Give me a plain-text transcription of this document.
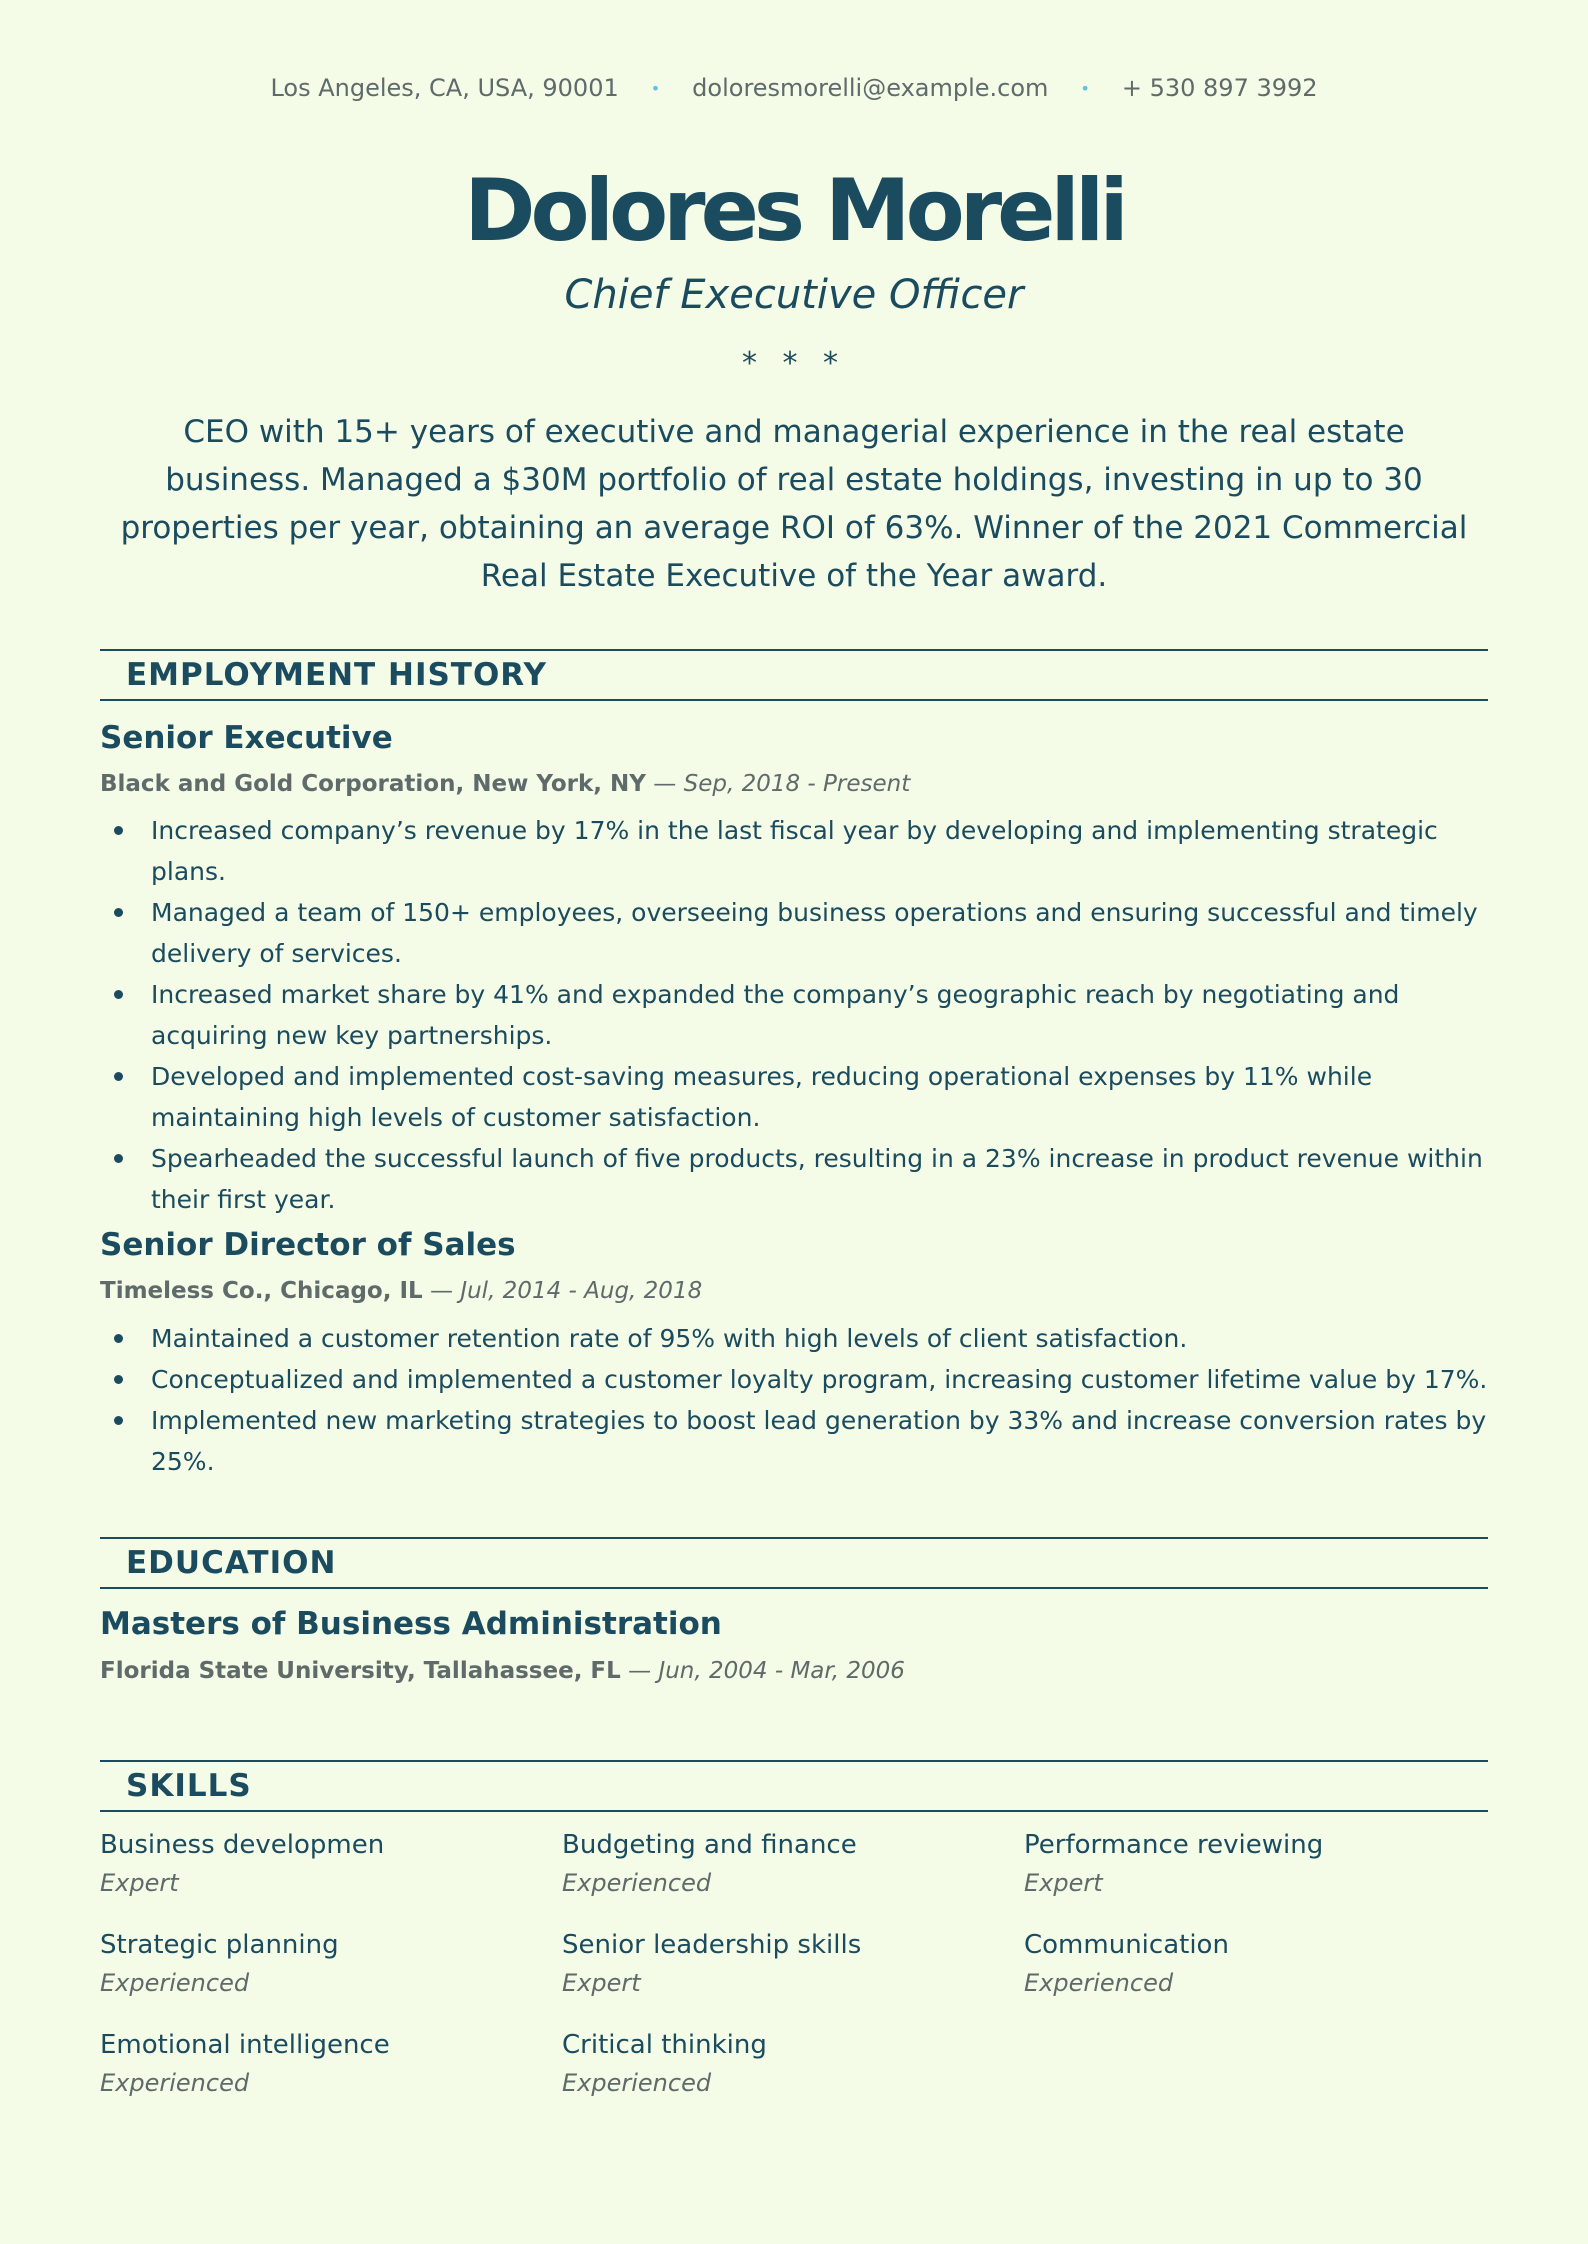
Los Angeles, CA, USA, 90001 • doloresmorelli@example.com • + 530 897 3992
Dolores Morelli
Chief Executive Officer
* * *
CEO with 15+ years of executive and managerial experience in the real estate business. Managed a $30M portfolio of real estate holdings, investing in up to 30 properties per year, obtaining an average ROI of 63%. Winner of the 2021 Commercial Real Estate Executive of the Year award.
EMPLOYMENT HISTORY
Senior Executive
Black and Gold Corporation, New York, NY — Sep, 2018 - Present
Increased company’s revenue by 17% in the last fiscal year by developing and implementing strategic plans.
Managed a team of 150+ employees, overseeing business operations and ensuring successful and timely delivery of services.
Increased market share by 41% and expanded the company’s geographic reach by negotiating and acquiring new key partnerships.
Developed and implemented cost-saving measures, reducing operational expenses by 11% while maintaining high levels of customer satisfaction.
Spearheaded the successful launch of five products, resulting in a 23% increase in product revenue within their first year.
Senior Director of Sales
Timeless Co., Chicago, IL — Jul, 2014 - Aug, 2018
Maintained a customer retention rate of 95% with high levels of client satisfaction.
Conceptualized and implemented a customer loyalty program, increasing customer lifetime value by 17%.
Implemented new marketing strategies to boost lead generation by 33% and increase conversion rates by 25%.
EDUCATION
Masters of Business Administration
Florida State University, Tallahassee, FL — Jun, 2004 - Mar, 2006
SKILLS
Business developmen
Expert
Budgeting and finance
Experienced
Performance reviewing
Expert
Strategic planning
Experienced
Senior leadership skills
Expert
Communication
Experienced
Emotional intelligence
Experienced
Critical thinking
Experienced
